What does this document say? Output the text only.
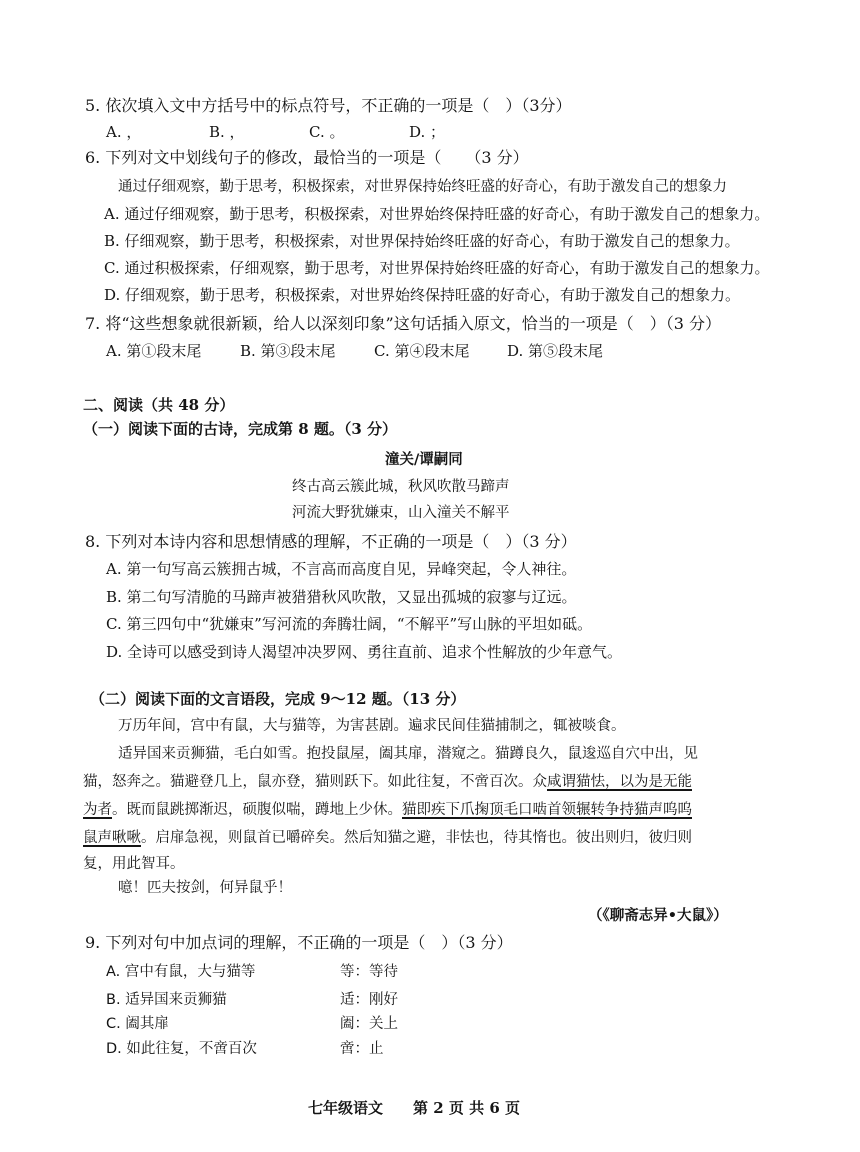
5. 依次填入文中方括号中的标点符号，不正确的一项是（　）（3分）
A. ，	B. ，	C. 。	D. ；
6. 下列对文中划线句子的修改，最恰当的一项是（　　（3 分）
通过仔细观察，勤于思考，积极探索，对世界保持始终旺盛的好奇心，有助于激发自己的想象力
A. 通过仔细观察，勤于思考，积极探索，对世界始终保持旺盛的好奇心，有助于激发自己的想象力。
B. 仔细观察，勤于思考，积极探索，对世界保持始终旺盛的好奇心，有助于激发自己的想象力。
C. 通过积极探索，仔细观察，勤于思考，对世界保持始终旺盛的好奇心，有助于激发自己的想象力。
D. 仔细观察，勤于思考，积极探索，对世界始终保持旺盛的好奇心，有助于激发自己的想象力。
7. 将“这些想象就很新颖，给人以深刻印象”这句话插入原文，恰当的一项是（　）（3 分）
A. 第①段末尾	B. 第③段末尾	C. 第④段末尾	D. 第⑤段末尾
二、阅读（共 48 分）
（一）阅读下面的古诗，完成第 8 题。（3 分）
潼关/谭嗣同
终古高云簇此城，秋风吹散马蹄声
河流大野犹嫌束，山入潼关不解平
8. 下列对本诗内容和思想情感的理解，不正确的一项是（　）（3 分）
A. 第一句写高云簇拥古城，不言高而高度自见，异峰突起，令人神往。
B. 第二句写清脆的马蹄声被猎猎秋风吹散，又显出孤城的寂寥与辽远。
C. 第三四句中“犹嫌束”写河流的奔腾壮阔，“不解平”写山脉的平坦如砥。
D. 全诗可以感受到诗人渴望冲决罗网、勇往直前、追求个性解放的少年意气。
（二）阅读下面的文言语段，完成 9～12 题。（13 分）
万历年间，宫中有鼠，大与猫等，为害甚剧。遍求民间佳猫捕制之，辄被啖食。
适异国来贡狮猫，毛白如雪。抱投鼠屋，阖其扉，潜窥之。猫蹲良久，鼠逡巡自穴中出，见
猫，怒奔之。猫避登几上，鼠亦登，猫则跃下。如此往复，不啻百次。众咸谓猫怯，以为是无能
为者。既而鼠跳掷渐迟，硕腹似喘，蹲地上少休。猫即疾下爪掬顶毛口啮首领辗转争持猫声呜呜
鼠声啾啾。启扉急视，则鼠首已嚼碎矣。然后知猫之避，非怯也，待其惰也。彼出则归，彼归则
复，用此智耳。
噫！匹夫按剑，何异鼠乎！
（《聊斋志异•大鼠》）
9. 下列对句中加点词的理解，不正确的一项是（　）（3 分）
A. 宫中有鼠，大与猫等	等：等待
B. 适异国来贡狮猫	适：刚好
C. 阖其扉	阖：关上
D. 如此往复，不啻百次	啻：止
七年级语文　　第 2 页 共 6 页
